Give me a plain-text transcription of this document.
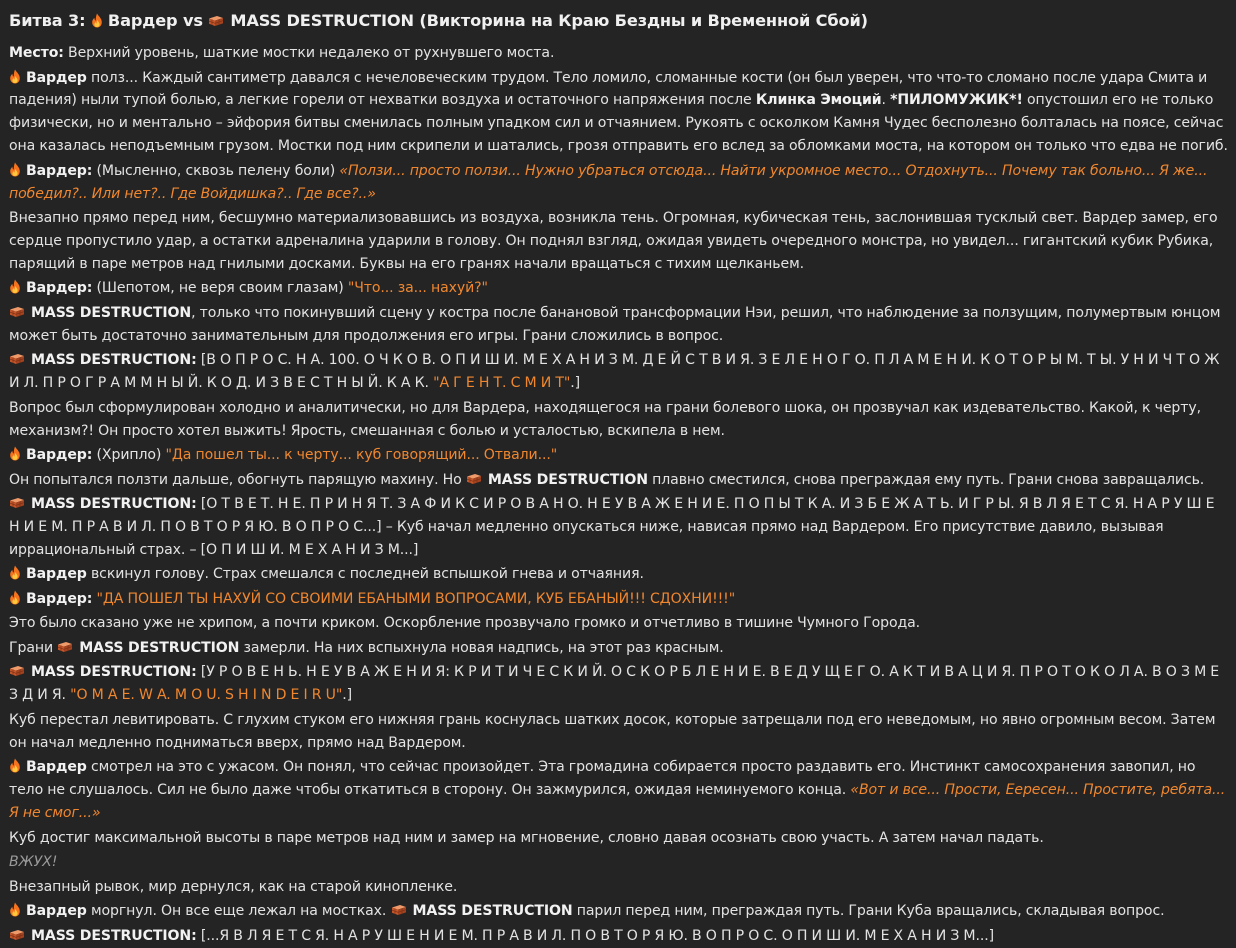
Битва 3: Вардер vs MASS DESTRUCTION (Викторина на Краю Бездны и Временной Сбой)
Место: Верхний уровень, шаткие мостки недалеко от рухнувшего моста.
Вардер полз... Каждый сантиметр давался с нечеловеческим трудом. Тело ломило, сломанные кости (он был уверен, что что-то сломано после удара Смита и падения) ныли тупой болью, а легкие горели от нехватки воздуха и остаточного напряжения после Клинка Эмоций. *ПИЛОМУЖИК*! опустошил его не только физически, но и ментально – эйфория битвы сменилась полным упадком сил и отчаянием. Рукоять с осколком Камня Чудес бесполезно болталась на поясе, сейчас она казалась неподъемным грузом. Мостки под ним скрипели и шатались, грозя отправить его вслед за обломками моста, на котором он только что едва не погиб.
Вардер: (Мысленно, сквозь пелену боли) «Ползи... просто ползи... Нужно убраться отсюда... Найти укромное место... Отдохнуть... Почему так больно... Я же... победил?.. Или нет?.. Где Войдишка?.. Где все?..»
Внезапно прямо перед ним, бесшумно материализовавшись из воздуха, возникла тень. Огромная, кубическая тень, заслонившая тусклый свет. Вардер замер, его сердце пропустило удар, а остатки адреналина ударили в голову. Он поднял взгляд, ожидая увидеть очередного монстра, но увидел... гигантский кубик Рубика, парящий в паре метров над гнилыми досками. Буквы на его гранях начали вращаться с тихим щелканьем.
Вардер: (Шепотом, не веря своим глазам) "Что... за... нахуй?"
MASS DESTRUCTION, только что покинувший сцену у костра после банановой трансформации Нэи, решил, что наблюдение за ползущим, полумертвым юнцом может быть достаточно занимательным для продолжения его игры. Грани сложились в вопрос.
MASS DESTRUCTION: [В О П Р О С. Н А. 100. О Ч К О В. О П И Ш И. М Е Х А Н И З М. Д Е Й С Т В И Я. З Е Л Е Н О Г О. П Л А М Е Н И. К О Т О Р Ы М. Т Ы. У Н И Ч Т О Ж И Л. П Р О Г Р А М М Н Ы Й. К О Д. И З В Е С Т Н Ы Й. К А К. "А Г Е Н Т. С М И Т".]
Вопрос был сформулирован холодно и аналитически, но для Вардера, находящегося на грани болевого шока, он прозвучал как издевательство. Какой, к черту, механизм?! Он просто хотел выжить! Ярость, смешанная с болью и усталостью, вскипела в нем.
Вардер: (Хрипло) "Да пошел ты... к черту... куб говорящий... Отвали..."
Он попытался ползти дальше, обогнуть парящую махину. Но MASS DESTRUCTION плавно сместился, снова преграждая ему путь. Грани снова завращались.
MASS DESTRUCTION: [О Т В Е Т. Н Е. П Р И Н Я Т. З А Ф И К С И Р О В А Н О. Н Е У В А Ж Е Н И Е. П О П Ы Т К А. И З Б Е Ж А Т Ь. И Г Р Ы. Я В Л Я Е Т С Я. Н А Р У Ш Е Н И Е М. П Р А В И Л. П О В Т О Р Я Ю. В О П Р О С...] – Куб начал медленно опускаться ниже, нависая прямо над Вардером. Его присутствие давило, вызывая иррациональный страх. – [О П И Ш И. М Е Х А Н И З М...]
Вардер вскинул голову. Страх смешался с последней вспышкой гнева и отчаяния.
Вардер: "ДА ПОШЕЛ ТЫ НАХУЙ СО СВОИМИ ЕБАНЫМИ ВОПРОСАМИ, КУБ ЕБАНЫЙ!!! СДОХНИ!!!"
Это было сказано уже не хрипом, а почти криком. Оскорбление прозвучало громко и отчетливо в тишине Чумного Города.
Грани MASS DESTRUCTION замерли. На них вспыхнула новая надпись, на этот раз красным.
MASS DESTRUCTION: [У Р О В Е Н Ь. Н Е У В А Ж Е Н И Я: К Р И Т И Ч Е С К И Й. О С К О Р Б Л Е Н И Е. В Е Д У Щ Е Г О. А К Т И В А Ц И Я. П Р О Т О К О Л А. В О З М Е З Д И Я. "O M A E. W A. M O U. S H I N D E I R U".]
Куб перестал левитировать. С глухим стуком его нижняя грань коснулась шатких досок, которые затрещали под его неведомым, но явно огромным весом. Затем он начал медленно подниматься вверх, прямо над Вардером.
Вардер смотрел на это с ужасом. Он понял, что сейчас произойдет. Эта громадина собирается просто раздавить его. Инстинкт самосохранения завопил, но тело не слушалось. Сил не было даже чтобы откатиться в сторону. Он зажмурился, ожидая неминуемого конца. «Вот и все... Прости, Еересен... Простите, ребята... Я не смог...»
Куб достиг максимальной высоты в паре метров над ним и замер на мгновение, словно давая осознать свою участь. А затем начал падать.
ВЖУХ!
Внезапный рывок, мир дернулся, как на старой кинопленке.
Вардер моргнул. Он все еще лежал на мостках. MASS DESTRUCTION парил перед ним, преграждая путь. Грани Куба вращались, складывая вопрос.
MASS DESTRUCTION: [...Я В Л Я Е Т С Я. Н А Р У Ш Е Н И Е М. П Р А В И Л. П О В Т О Р Я Ю. В О П Р О С. О П И Ш И. М Е Х А Н И З М...]
